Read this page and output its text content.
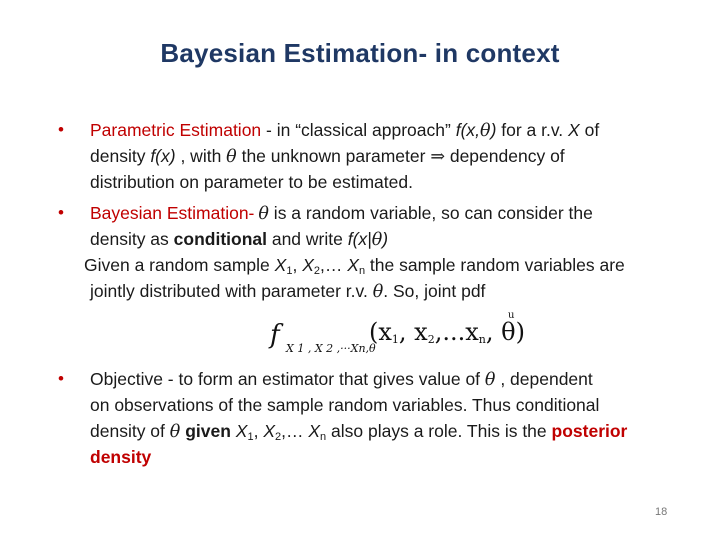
Bayesian Estimation- in context
• Parametric Estimation - in “classical approach” f(x,θ) for a r.v. X of
density f(x) , with θ the unknown parameter ⇒ dependency of
distribution on parameter to be estimated.
• Bayesian Estimation- θ is a random variable, so can consider the
density as conditional and write f(x|θ)
Given a random sample $X_1$, $X_2,\dots$ $X_n$ the sample random variables are
jointly distributed with parameter r.v. θ. So, joint pdf
u
f X 1 , X 2 ,···Xn,θ
($x_1$, $x_2,...x_n$, θ)
• Objective - to form an estimator that gives value of θ , dependent
on observations of the sample random variables. Thus conditional
density of θ given $X_1$, $X_2,\dots$ $X_n$ also plays a role. This is the posterior
density
18
